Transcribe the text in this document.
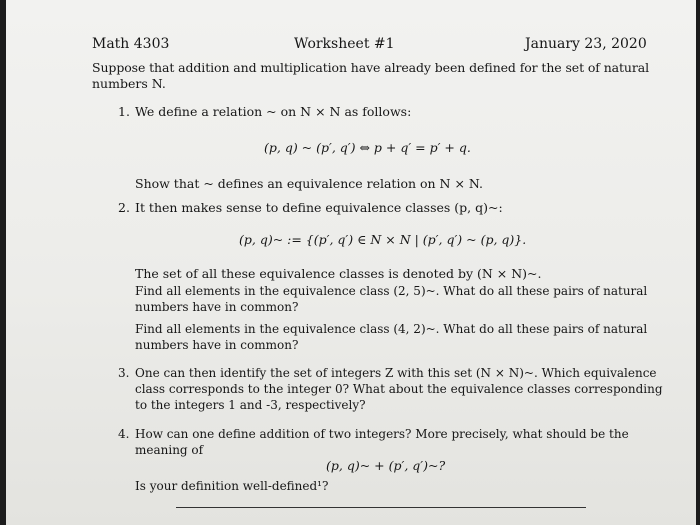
Math 4303	Worksheet #1	January 23, 2020
Suppose that addition and multiplication have already been defined for the set of natural
numbers N.
1. We define a relation ~ on N × N as follows:
(p, q) ~ (p′, q′) ⇔ p + q′ = p′ + q.
Show that ~ defines an equivalence relation on N × N.
2. It then makes sense to define equivalence classes (p, q)~:
(p, q)~ := {(p′, q′) ∈ N × N | (p′, q′) ~ (p, q)}.
The set of all these equivalence classes is denoted by (N × N)~.
Find all elements in the equivalence class (2, 5)~. What do all these pairs of natural
numbers have in common?
Find all elements in the equivalence class (4, 2)~. What do all these pairs of natural
numbers have in common?
3. One can then identify the set of integers Z with this set (N × N)~. Which equivalence
class corresponds to the integer 0? What about the equivalence classes corresponding
to the integers 1 and -3, respectively?
4. How can one define addition of two integers? More precisely, what should be the
meaning of
(p, q)~ + (p′, q′)~?
Is your definition well-defined¹?
